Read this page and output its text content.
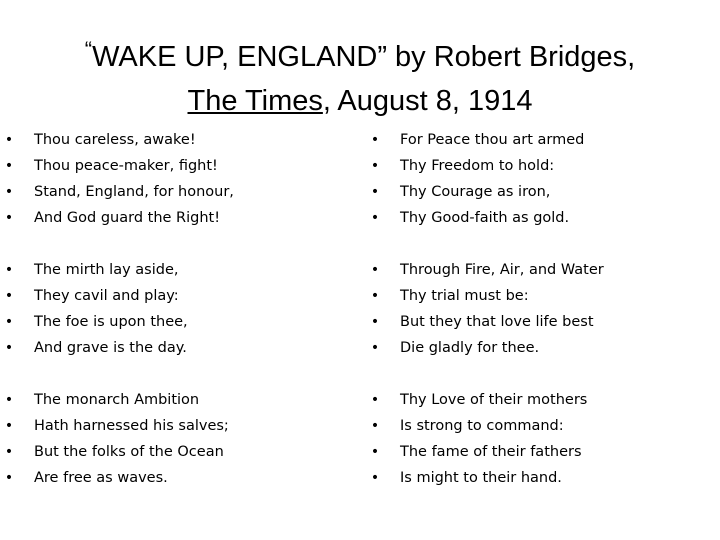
“WAKE UP, ENGLAND” by Robert Bridges,
The Times, August 8, 1914
• Thou careless, awake!
• Thou peace-maker, fight!
• Stand, England, for honour,
• And God guard the Right!
• For Peace thou art armed
• Thy Freedom to hold:
• Thy Courage as iron,
• Thy Good-faith as gold.
• The mirth lay aside,
• They cavil and play:
• The foe is upon thee,
• And grave is the day.
• Through Fire, Air, and Water
• Thy trial must be:
• But they that love life best
• Die gladly for thee.
• The monarch Ambition
• Hath harnessed his salves;
• But the folks of the Ocean
• Are free as waves.
• Thy Love of their mothers
• Is strong to command:
• The fame of their fathers
• Is might to their hand.
